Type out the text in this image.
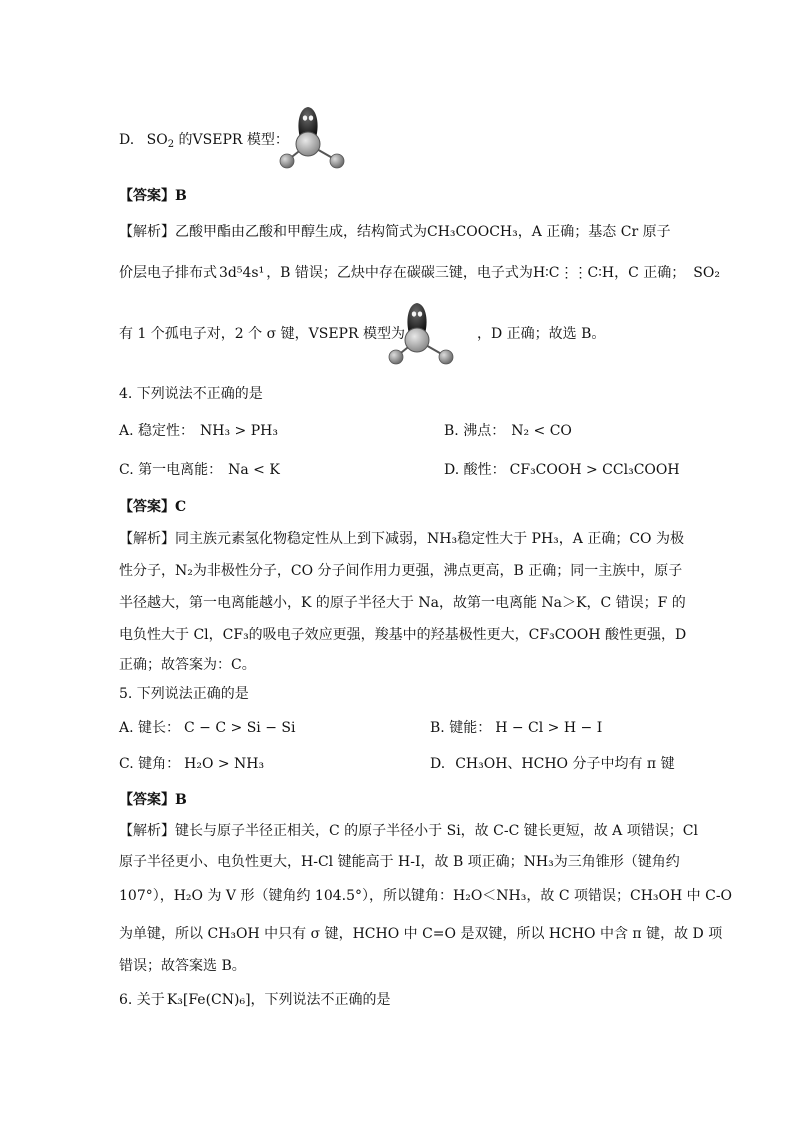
D. $SO_2$ 的VSEPR 模型：
【答案】B
【解析】乙酸甲酯由乙酸和甲醇生成，结构简式为CH₃COOCH₃，A 正确；基态 Cr 原子
价层电子排布式 3d⁵4s¹ ，B 错误；乙炔中存在碳碳三键，电子式为H∶C⋮⋮C∶H，C 正确； SO₂
有 1 个孤电子对，2 个 σ 键，VSEPR 模型为	，D 正确；故选 B。
4. 下列说法不正确的是
A. 稳定性： NH₃ > PH₃	B. 沸点： N₂ < CO
C. 第一电离能： Na < K	D. 酸性： CF₃COOH > CCl₃COOH
【答案】C
【解析】同主族元素氢化物稳定性从上到下减弱，NH₃稳定性大于 PH₃，A 正确；CO 为极
性分子，N₂为非极性分子，CO 分子间作用力更强，沸点更高，B 正确；同一主族中，原子
半径越大，第一电离能越小，K 的原子半径大于 Na，故第一电离能 Na＞K，C 错误；F 的
电负性大于 Cl，CF₃的吸电子效应更强，羧基中的羟基极性更大，CF₃COOH 酸性更强，D
正确；故答案为：C。
5. 下列说法正确的是
A. 键长： C − C > Si − Si	B. 键能： H − Cl > H − I
C. 键角： H₂O > NH₃	D. CH₃OH、HCHO 分子中均有 π 键
【答案】B
【解析】键长与原子半径正相关，C 的原子半径小于 Si，故 C-C 键长更短，故 A 项错误；Cl
原子半径更小、电负性更大，H-Cl 键能高于 H-I，故 B 项正确；NH₃为三角锥形（键角约
107°），H₂O 为 V 形（键角约 104.5°），所以键角：H₂O＜NH₃，故 C 项错误；CH₃OH 中 C-O
为单键，所以 CH₃OH 中只有 σ 键，HCHO 中 C=O 是双键，所以 HCHO 中含 π 键，故 D 项
错误；故答案选 B。
6. 关于 K₃[Fe(CN)₆]，下列说法不正确的是
